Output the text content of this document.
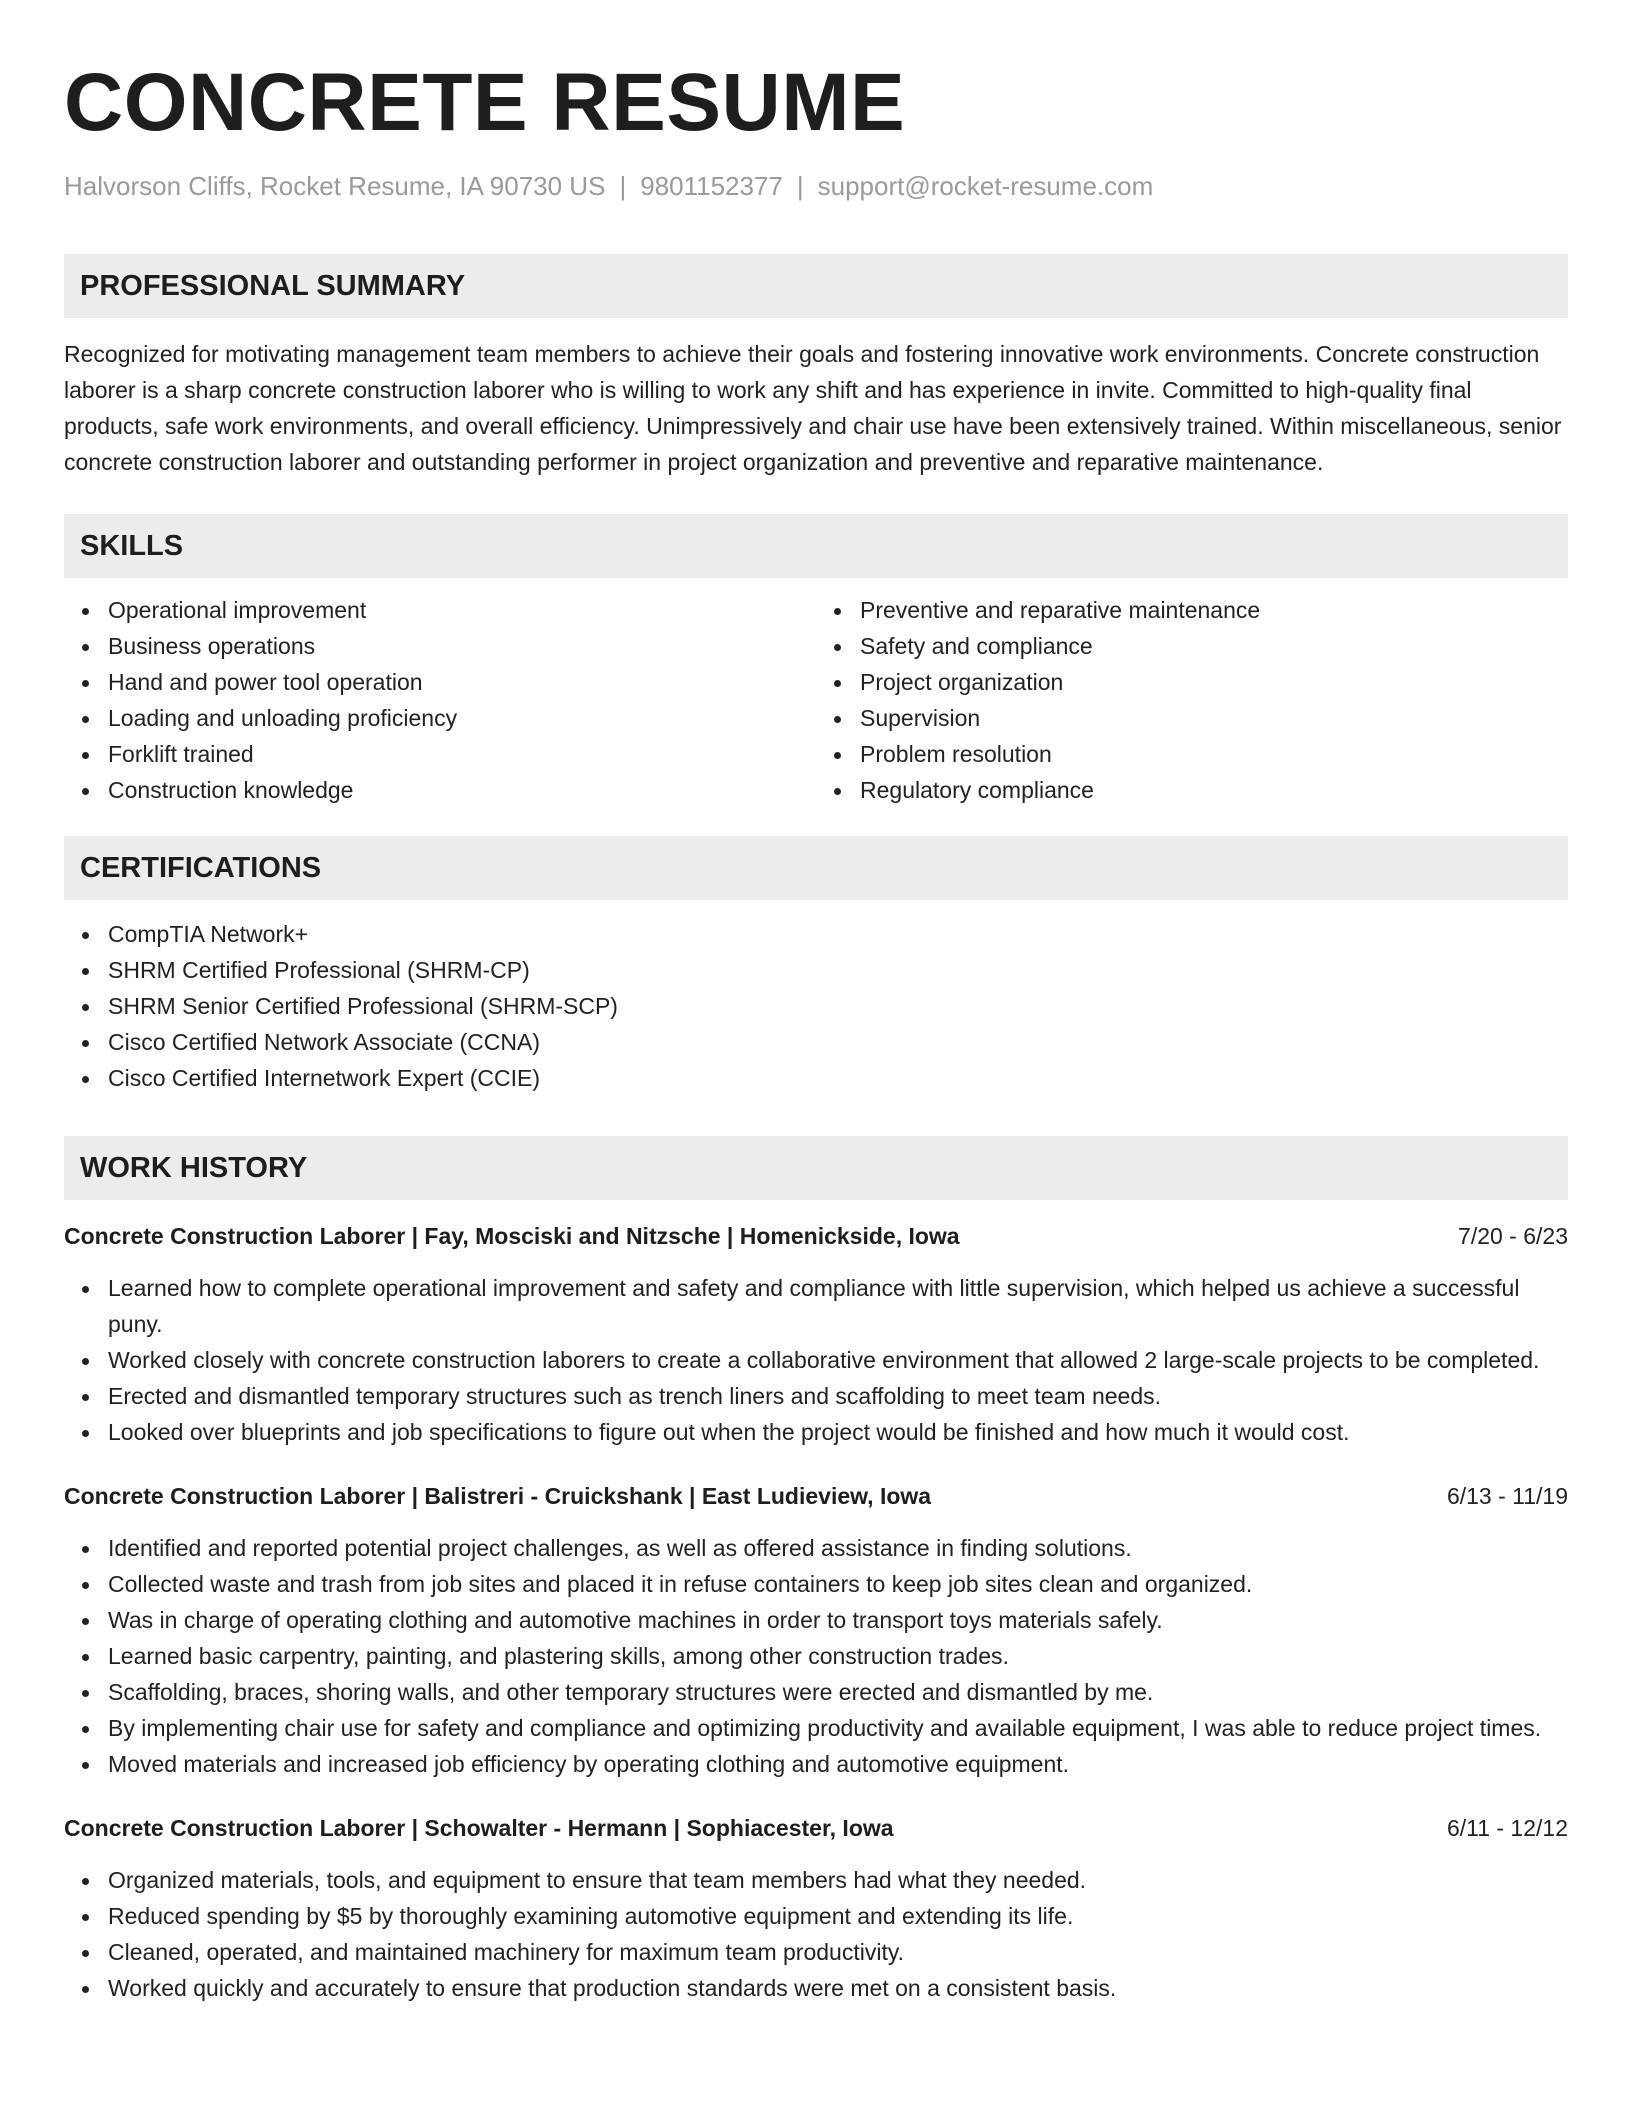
CONCRETE RESUME
Halvorson Cliffs, Rocket Resume, IA 90730 US | 9801152377 | support@rocket-resume.com
PROFESSIONAL SUMMARY

Recognized for motivating management team members to achieve their goals and fostering innovative work environments. Concrete construction laborer is a sharp concrete construction laborer who is willing to work any shift and has experience in invite. Committed to high-quality final products, safe work environments, and overall efficiency. Unimpressively and chair use have been extensively trained. Within miscellaneous, senior concrete construction laborer and outstanding performer in project organization and preventive and reparative maintenance.

SKILLS
Operational improvement
Business operations
Hand and power tool operation
Loading and unloading proficiency
Forklift trained
Construction knowledge
Preventive and reparative maintenance
Safety and compliance
Project organization
Supervision
Problem resolution
Regulatory compliance
CERTIFICATIONS
CompTIA Network+
SHRM Certified Professional (SHRM-CP)
SHRM Senior Certified Professional (SHRM-SCP)
Cisco Certified Network Associate (CCNA)
Cisco Certified Internetwork Expert (CCIE)
WORK HISTORY
Concrete Construction Laborer | Fay, Mosciski and Nitzsche | Homenickside, Iowa	7/20 - 6/23
Learned how to complete operational improvement and safety and compliance with little supervision, which helped us achieve a successful puny.
Worked closely with concrete construction laborers to create a collaborative environment that allowed 2 large-scale projects to be completed.
Erected and dismantled temporary structures such as trench liners and scaffolding to meet team needs.
Looked over blueprints and job specifications to figure out when the project would be finished and how much it would cost.
Concrete Construction Laborer | Balistreri - Cruickshank | East Ludieview, Iowa	6/13 - 11/19
Identified and reported potential project challenges, as well as offered assistance in finding solutions.
Collected waste and trash from job sites and placed it in refuse containers to keep job sites clean and organized.
Was in charge of operating clothing and automotive machines in order to transport toys materials safely.
Learned basic carpentry, painting, and plastering skills, among other construction trades.
Scaffolding, braces, shoring walls, and other temporary structures were erected and dismantled by me.
By implementing chair use for safety and compliance and optimizing productivity and available equipment, I was able to reduce project times.
Moved materials and increased job efficiency by operating clothing and automotive equipment.
Concrete Construction Laborer | Schowalter - Hermann | Sophiacester, Iowa	6/11 - 12/12
Organized materials, tools, and equipment to ensure that team members had what they needed.
Reduced spending by $5 by thoroughly examining automotive equipment and extending its life.
Cleaned, operated, and maintained machinery for maximum team productivity.
Worked quickly and accurately to ensure that production standards were met on a consistent basis.
